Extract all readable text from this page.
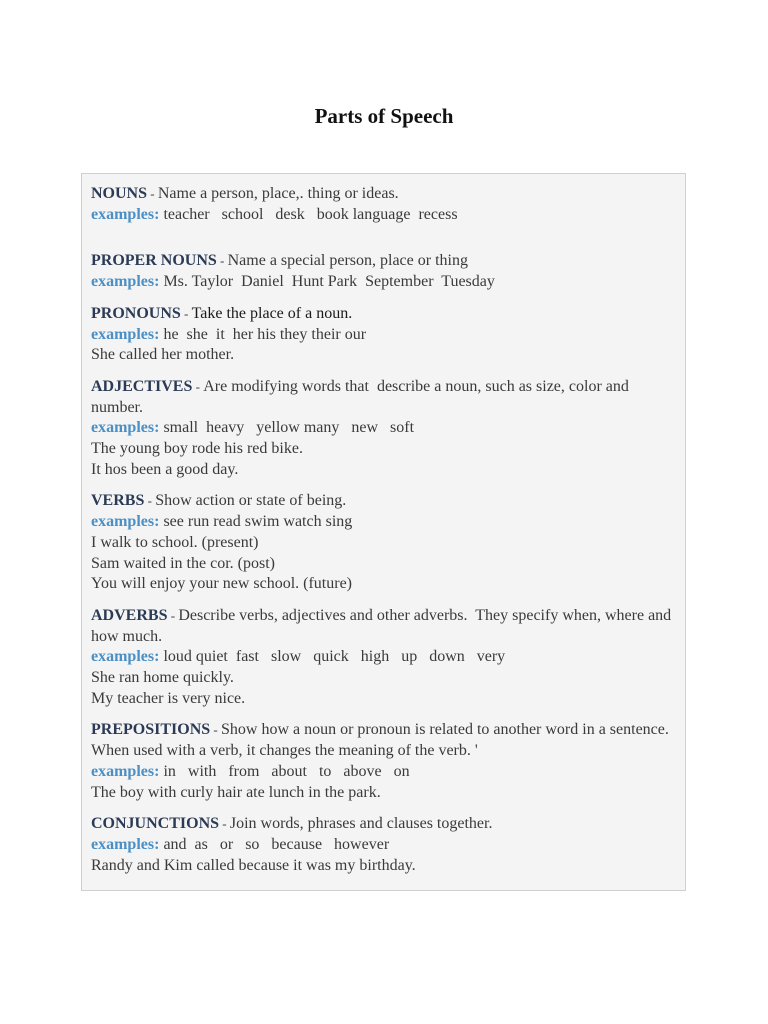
Parts of Speech
NOUNS - Name a person, place,. thing or ideas.
examples: teacher   school   desk   book language  recess
PROPER NOUNS - Name a special person, place or thing
examples: Ms. Taylor  Daniel  Hunt Park  September  Tuesday
PRONOUNS - Take the place of a noun.
examples: he  she  it  her his they their our
She called her mother.
ADJECTIVES - Are modifying words that  describe a noun, such as size, color and number.
examples: small  heavy   yellow many   new   soft
The young boy rode his red bike.
It hos been a good day.
VERBS - Show action or state of being.
examples: see run read swim watch sing
I walk to school. (present)
Sam waited in the cor. (post)
You will enjoy your new school. (future)
ADVERBS - Describe verbs, adjectives and other adverbs.  They specify when, where and how much.
examples: loud quiet  fast   slow   quick   high   up   down   very
She ran home quickly.
My teacher is very nice.
PREPOSITIONS - Show how a noun or pronoun is related to another word in a sentence.  When used with a verb, it changes the meaning of the verb. '
examples: in   with   from   about   to   above   on
The boy with curly hair ate lunch in the park.
CONJUNCTIONS - Join words, phrases and clauses together.
examples: and  as   or   so   because   however
Randy and Kim called because it was my birthday.
